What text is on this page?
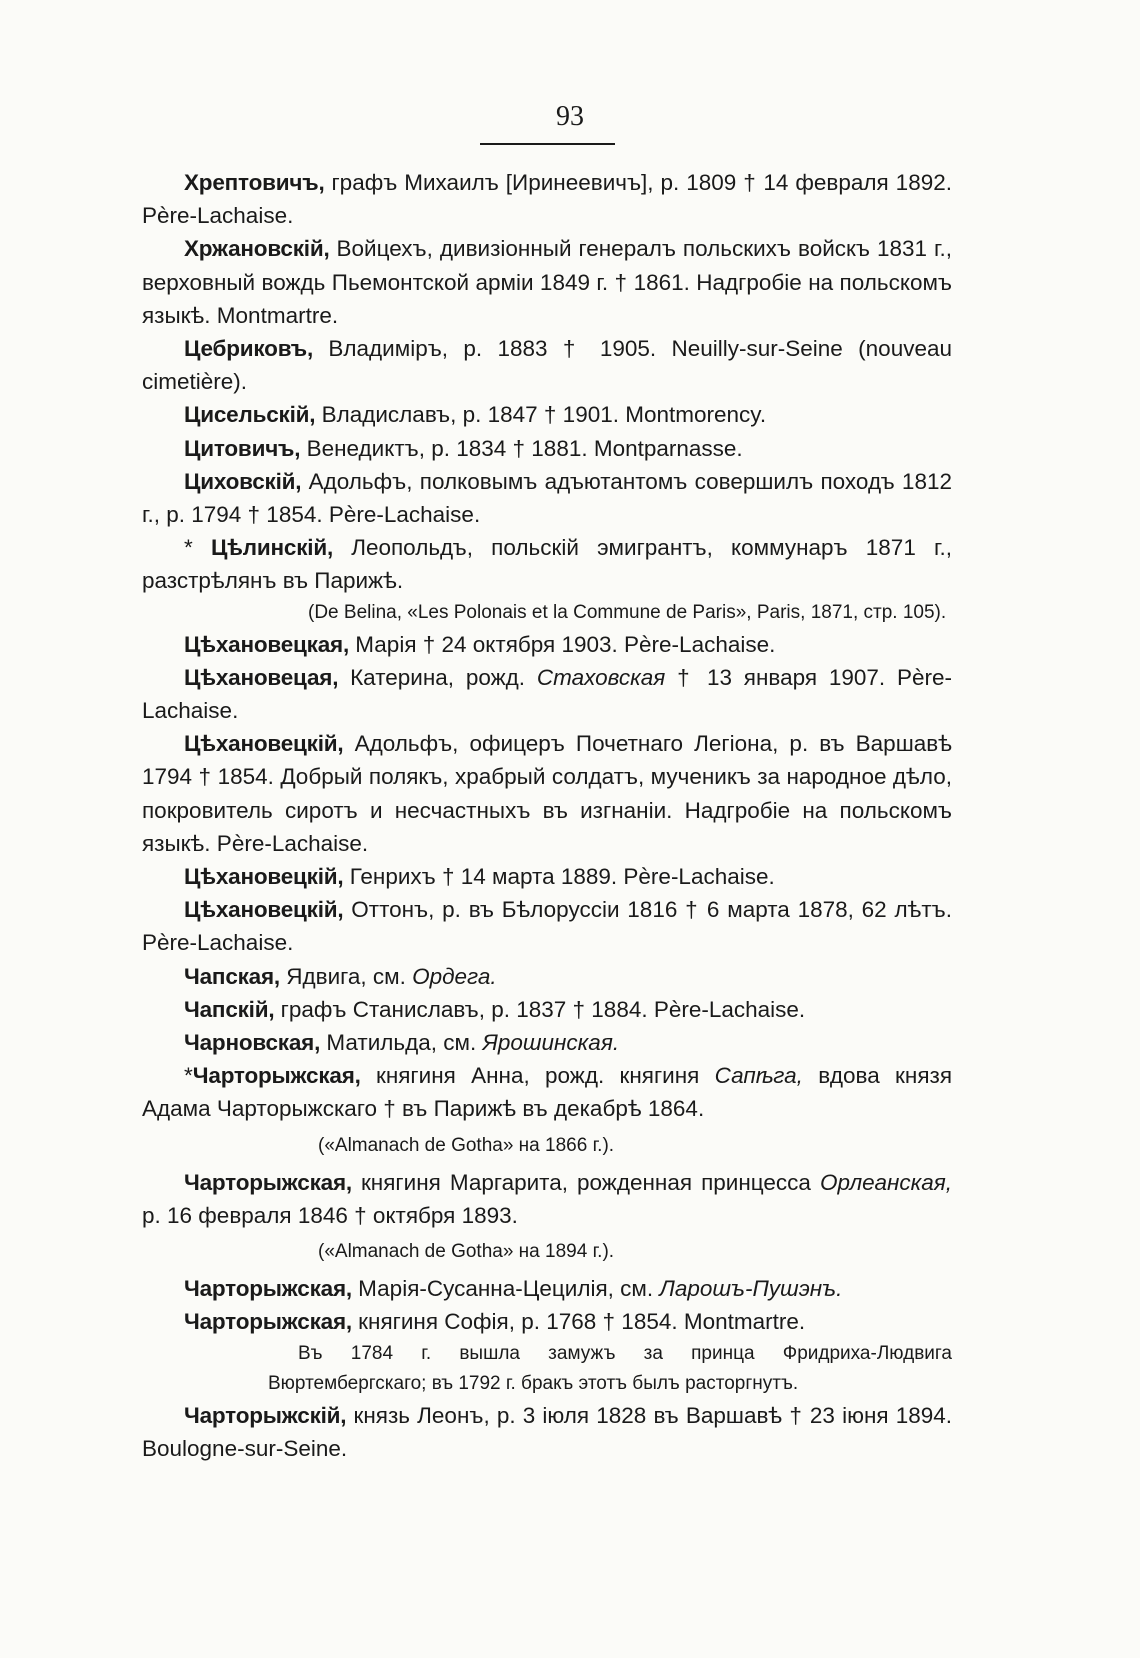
93

Хрептовичъ, графъ Михаилъ [Иринеевичъ], р. 1809 † 14 февраля 1892. Père-Lachaise.

Хржановскій, Войцехъ, дивизіонный генералъ польскихъ войскъ 1831 г., верховный вождь Пьемонтской арміи 1849 г. † 1861. Надгробіе на польскомъ языкѣ. Montmartre.

Цебриковъ, Владиміръ, р. 1883 † 1905. Neuilly-sur-Seine (nouveau cimetière).

Цисельскій, Владиславъ, р. 1847 † 1901. Montmorency.

Цитовичъ, Венедиктъ, р. 1834 † 1881. Montparnasse.

Циховскій, Адольфъ, полковымъ адъютантомъ совершилъ походъ 1812 г., р. 1794 † 1854. Père-Lachaise.

* Цѣлинскій, Леопольдъ, польскій эмигрантъ, коммунаръ 1871 г., разстрѣлянъ въ Парижѣ.

(De Belina, «Les Polonais et la Commune de Paris», Paris, 1871, стр. 105).

Цѣхановецкая, Марія † 24 октября 1903. Père-Lachaise.

Цѣхановецая, Катерина, рожд. Стаховская † 13 января 1907. Père-Lachaise.

Цѣхановецкій, Адольфъ, офицеръ Почетнаго Легіона, р. въ Варшавѣ 1794 † 1854. Добрый полякъ, храбрый солдатъ, мученикъ за народное дѣло, покровитель сиротъ и несчастныхъ въ изгнаніи. Надгробіе на польскомъ языкѣ. Père-Lachaise.

Цѣхановецкій, Генрихъ † 14 марта 1889. Père-Lachaise.

Цѣхановецкій, Оттонъ, р. въ Бѣлоруссіи 1816 † 6 марта 1878, 62 лѣтъ. Père-Lachaise.

Чапская, Ядвига, см. Ордега.

Чапскій, графъ Станиславъ, р. 1837 † 1884. Père-Lachaise.

Чарновская, Матильда, см. Ярошинская.

*Чарторыжская, княгиня Анна, рожд. княгиня Сапѣга, вдова князя Адама Чарторыжскаго † въ Парижѣ въ декабрѣ 1864.

(«Almanach de Gotha» на 1866 г.).

Чарторыжская, княгиня Маргарита, рожденная принцесса Орлеанская, р. 16 февраля 1846 † октября 1893.

(«Almanach de Gotha» на 1894 г.).

Чарторыжская, Марія-Сусанна-Цецилія, см. Ларошъ-Пушэнъ.

Чарторыжская, княгиня Софія, р. 1768 † 1854. Montmartre.

Въ 1784 г. вышла замужъ за принца Фридриха-Людвига Вюртембергскаго; въ 1792 г. бракъ этотъ былъ расторгнутъ.

Чарторыжскій, князь Леонъ, р. 3 іюля 1828 въ Варшавѣ † 23 іюня 1894. Boulogne-sur-Seine.
